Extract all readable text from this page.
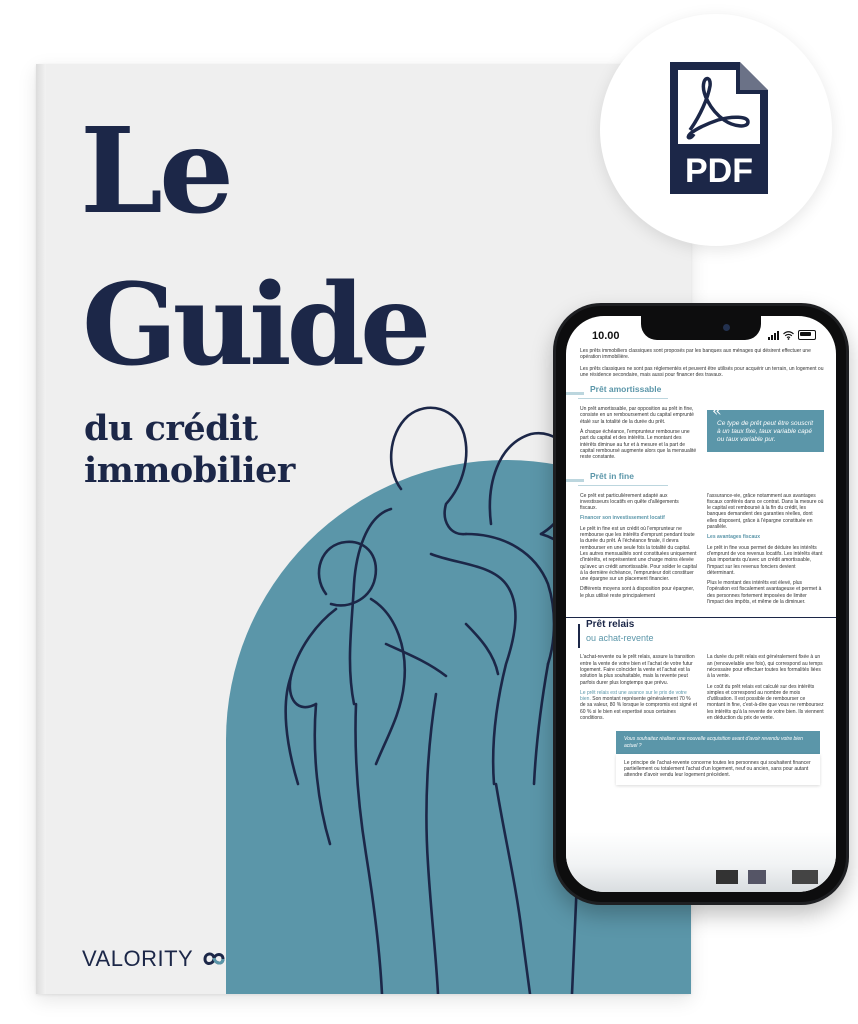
Le
Guide
du crédit
immobilier
VALORITY
PDF
10.00

Les prêts immobiliers classiques sont proposés par les banques aux ménages qui désirent effectuer une opération immobilière.

Les prêts classiques ne sont pas réglementés et peuvent être utilisés pour acquérir un terrain, un logement ou une résidence secondaire, mais aussi pour financer des travaux.

Prêt amortissable

Un prêt amortissable, par opposition au prêt in fine, consiste en un remboursement du capital emprunté étalé sur la totalité de la durée du prêt.

À chaque échéance, l'emprunteur rembourse une part du capital et des intérêts. Le montant des intérêts diminue au fur et à mesure et la part de capital remboursé augmente alors que la mensualité reste constante.

«
Ce type de prêt peut être souscrit à un taux fixe, taux variable capé ou taux variable pur.
Prêt in fine

Ce prêt est particulièrement adapté aux investisseurs locatifs en quête d'allègements fiscaux.

Financer son investissement locatif

Le prêt in fine est un crédit où l'emprunteur ne rembourse que les intérêts d'emprunt pendant toute la durée du prêt. À l'échéance finale, il devra rembourser en une seule fois la totalité du capital. Les autres mensualités sont constituées uniquement d'intérêts, et représentent une charge moins élevée qu'avec un crédit amortissable. Pour solder le capital à la dernière échéance, l'emprunteur doit constituer une épargne sur un placement financier.

Différents moyens sont à disposition pour épargner, le plus utilisé reste principalement

l'assurance-vie, grâce notamment aux avantages fiscaux conférés dans ce contrat. Dans la mesure où le capital est remboursé à la fin du crédit, les banques demandent des garanties réelles, dont elles disposent, grâce à l'épargne constituée en parallèle.

Les avantages fiscaux

Le prêt in fine vous permet de déduire les intérêts d'emprunt de vos revenus locatifs. Les intérêts étant plus importants qu'avec un crédit amortissable, l'impact sur les revenus fonciers devient déterminant.

Plus le montant des intérêts est élevé, plus l'opération est fiscalement avantageuse et permet à des personnes fortement imposées de limiter l'impact des impôts, et même de la diminuer.

Prêt relais
ou achat-revente

L'achat-revente ou le prêt relais, assure la transition entre la vente de votre bien et l'achat de votre futur logement. Faire coïncider la vente et l'achat est la solution la plus souhaitable, mais la revente peut parfois durer plus longtemps que prévu.

Le prêt relais est une avance sur le prix de votre bien. Son montant représente généralement 70 % de sa valeur, 80 % lorsque le compromis est signé et 60 % si le bien est expertisé sous certaines conditions.

La durée du prêt relais est généralement fixée à un an (renouvelable une fois), qui correspond au temps nécessaire pour effectuer toutes les formalités liées à la vente.

Le coût du prêt relais est calculé sur des intérêts simples et correspond au nombre de mois d'utilisation. Il est possible de rembourser ce montant in fine, c'est-à-dire que vous ne remboursez les intérêts qu'à la revente de votre bien. Ils viennent en déduction du prix de vente.

Vous souhaitez réaliser une nouvelle acquisition avant d'avoir revendu votre bien actuel ?
Le principe de l'achat-revente concerne toutes les personnes qui souhaitent financer partiellement ou totalement l'achat d'un logement, neuf ou ancien, sans pour autant attendre d'avoir vendu leur logement précédent.
